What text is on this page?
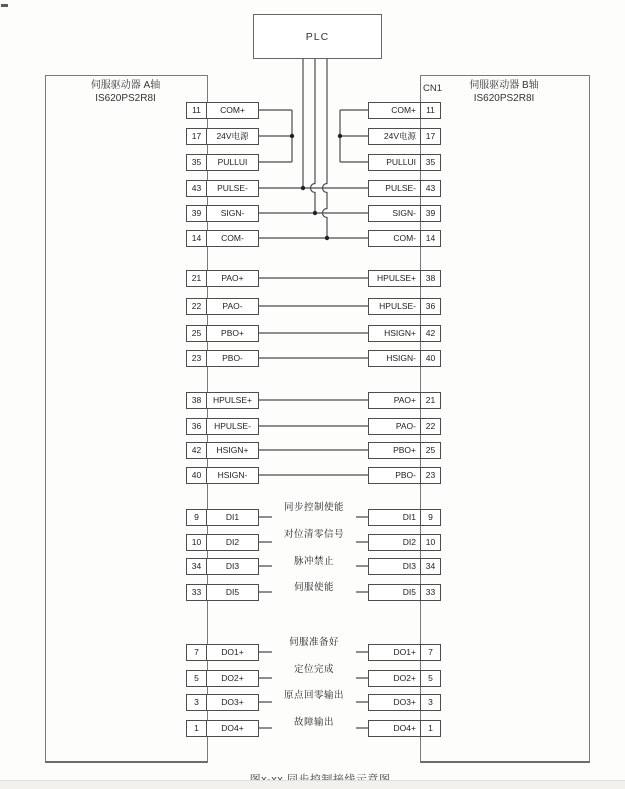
PLC
伺服驱动器 A轴
IS620PS2R8I
伺服驱动器 B轴
IS620PS2R8I
CN1
11	COM+	COM+	11
17	24V电源	24V电源	17
35	PULLUI	PULLUI	35
43	PULSE-	PULSE-	43
39	SIGN-	SIGN-	39
14	COM-	COM-	14
21	PAO+	HPULSE+	38
22	PAO-	HPULSE-	36
25	PBO+	HSIGN+	42
23	PBO-	HSIGN-	40
38	HPULSE+	PAO+	21
36	HPULSE-	PAO-	22
42	HSIGN+	PBO+	25
40	HSIGN-	PBO-	23
9	DI1	DI1	9
同步控制使能
10	DI2	DI2	10
对位清零信号
34	DI3	DI3	34
脉冲禁止
33	DI5	DI5	33
伺服使能
7	DO1+	DO1+	7
伺服准备好
5	DO2+	DO2+	5
定位完成
3	DO3+	DO3+	3
原点回零输出
1	DO4+	DO4+	1
故障输出
